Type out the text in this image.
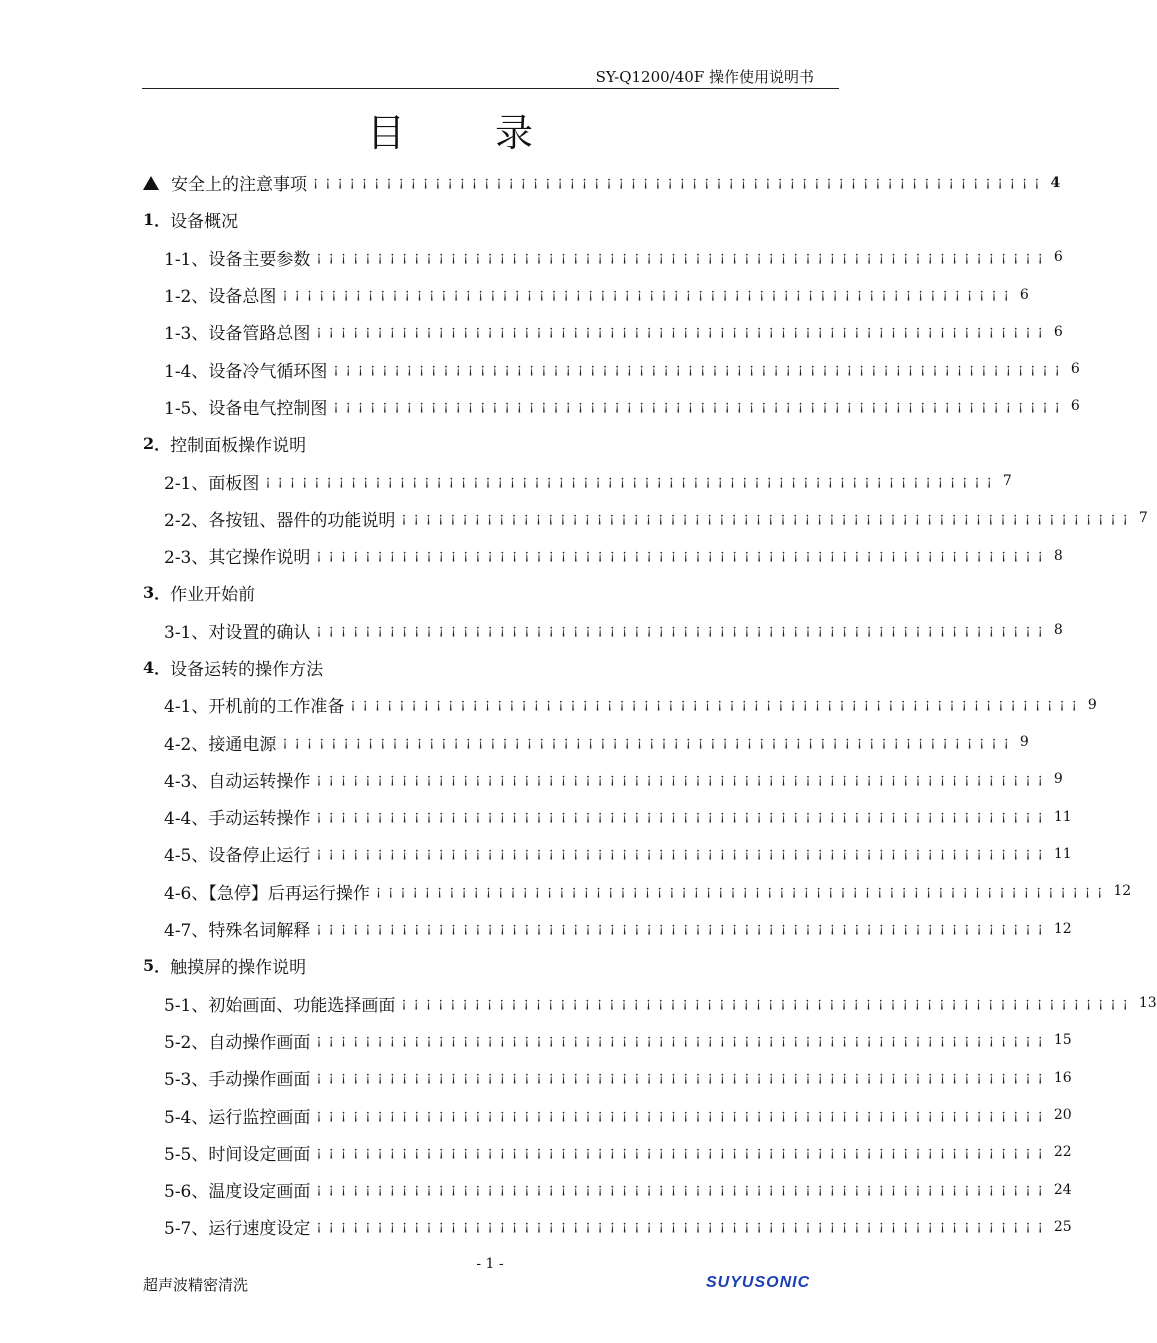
SY-Q1200/40F 操作使用说明书
目录
安全上的注意事项 ¡¡¡¡¡¡¡¡¡¡¡¡¡¡¡¡¡¡¡¡¡¡¡¡¡¡¡¡¡¡¡¡¡¡¡¡¡¡¡¡¡¡¡¡¡¡¡¡¡¡¡¡¡¡¡¡¡¡¡¡ 4
1 ． 设备概况
1-1、设备主要参数 ¡¡¡¡¡¡¡¡¡¡¡¡¡¡¡¡¡¡¡¡¡¡¡¡¡¡¡¡¡¡¡¡¡¡¡¡¡¡¡¡¡¡¡¡¡¡¡¡¡¡¡¡¡¡¡¡¡¡¡¡ 6
1-2、设备总图 ¡¡¡¡¡¡¡¡¡¡¡¡¡¡¡¡¡¡¡¡¡¡¡¡¡¡¡¡¡¡¡¡¡¡¡¡¡¡¡¡¡¡¡¡¡¡¡¡¡¡¡¡¡¡¡¡¡¡¡¡ 6
1-3、设备管路总图 ¡¡¡¡¡¡¡¡¡¡¡¡¡¡¡¡¡¡¡¡¡¡¡¡¡¡¡¡¡¡¡¡¡¡¡¡¡¡¡¡¡¡¡¡¡¡¡¡¡¡¡¡¡¡¡¡¡¡¡¡ 6
1-4、设备冷气循环图 ¡¡¡¡¡¡¡¡¡¡¡¡¡¡¡¡¡¡¡¡¡¡¡¡¡¡¡¡¡¡¡¡¡¡¡¡¡¡¡¡¡¡¡¡¡¡¡¡¡¡¡¡¡¡¡¡¡¡¡¡ 6
1-5、设备电气控制图 ¡¡¡¡¡¡¡¡¡¡¡¡¡¡¡¡¡¡¡¡¡¡¡¡¡¡¡¡¡¡¡¡¡¡¡¡¡¡¡¡¡¡¡¡¡¡¡¡¡¡¡¡¡¡¡¡¡¡¡¡ 6
2 ． 控制面板操作说明
2-1、面板图 ¡¡¡¡¡¡¡¡¡¡¡¡¡¡¡¡¡¡¡¡¡¡¡¡¡¡¡¡¡¡¡¡¡¡¡¡¡¡¡¡¡¡¡¡¡¡¡¡¡¡¡¡¡¡¡¡¡¡¡¡ 7
2-2、各按钮、器件的功能说明 ¡¡¡¡¡¡¡¡¡¡¡¡¡¡¡¡¡¡¡¡¡¡¡¡¡¡¡¡¡¡¡¡¡¡¡¡¡¡¡¡¡¡¡¡¡¡¡¡¡¡¡¡¡¡¡¡¡¡¡¡ 7
2-3、其它操作说明 ¡¡¡¡¡¡¡¡¡¡¡¡¡¡¡¡¡¡¡¡¡¡¡¡¡¡¡¡¡¡¡¡¡¡¡¡¡¡¡¡¡¡¡¡¡¡¡¡¡¡¡¡¡¡¡¡¡¡¡¡ 8
3 ． 作业开始前
3-1、对设置的确认 ¡¡¡¡¡¡¡¡¡¡¡¡¡¡¡¡¡¡¡¡¡¡¡¡¡¡¡¡¡¡¡¡¡¡¡¡¡¡¡¡¡¡¡¡¡¡¡¡¡¡¡¡¡¡¡¡¡¡¡¡ 8
4 ． 设备运转的操作方法
4-1、开机前的工作准备 ¡¡¡¡¡¡¡¡¡¡¡¡¡¡¡¡¡¡¡¡¡¡¡¡¡¡¡¡¡¡¡¡¡¡¡¡¡¡¡¡¡¡¡¡¡¡¡¡¡¡¡¡¡¡¡¡¡¡¡¡ 9
4-2、接通电源 ¡¡¡¡¡¡¡¡¡¡¡¡¡¡¡¡¡¡¡¡¡¡¡¡¡¡¡¡¡¡¡¡¡¡¡¡¡¡¡¡¡¡¡¡¡¡¡¡¡¡¡¡¡¡¡¡¡¡¡¡ 9
4-3、自动运转操作 ¡¡¡¡¡¡¡¡¡¡¡¡¡¡¡¡¡¡¡¡¡¡¡¡¡¡¡¡¡¡¡¡¡¡¡¡¡¡¡¡¡¡¡¡¡¡¡¡¡¡¡¡¡¡¡¡¡¡¡¡ 9
4-4、手动运转操作 ¡¡¡¡¡¡¡¡¡¡¡¡¡¡¡¡¡¡¡¡¡¡¡¡¡¡¡¡¡¡¡¡¡¡¡¡¡¡¡¡¡¡¡¡¡¡¡¡¡¡¡¡¡¡¡¡¡¡¡¡ 11
4-5、设备停止运行 ¡¡¡¡¡¡¡¡¡¡¡¡¡¡¡¡¡¡¡¡¡¡¡¡¡¡¡¡¡¡¡¡¡¡¡¡¡¡¡¡¡¡¡¡¡¡¡¡¡¡¡¡¡¡¡¡¡¡¡¡ 11
4-6、【急停】后再运行操作 ¡¡¡¡¡¡¡¡¡¡¡¡¡¡¡¡¡¡¡¡¡¡¡¡¡¡¡¡¡¡¡¡¡¡¡¡¡¡¡¡¡¡¡¡¡¡¡¡¡¡¡¡¡¡¡¡¡¡¡¡ 12
4-7、特殊名词解释 ¡¡¡¡¡¡¡¡¡¡¡¡¡¡¡¡¡¡¡¡¡¡¡¡¡¡¡¡¡¡¡¡¡¡¡¡¡¡¡¡¡¡¡¡¡¡¡¡¡¡¡¡¡¡¡¡¡¡¡¡ 12
5 ． 触摸屏的操作说明
5-1、初始画面、功能选择画面 ¡¡¡¡¡¡¡¡¡¡¡¡¡¡¡¡¡¡¡¡¡¡¡¡¡¡¡¡¡¡¡¡¡¡¡¡¡¡¡¡¡¡¡¡¡¡¡¡¡¡¡¡¡¡¡¡¡¡¡¡ 13
5-2、自动操作画面 ¡¡¡¡¡¡¡¡¡¡¡¡¡¡¡¡¡¡¡¡¡¡¡¡¡¡¡¡¡¡¡¡¡¡¡¡¡¡¡¡¡¡¡¡¡¡¡¡¡¡¡¡¡¡¡¡¡¡¡¡ 15
5-3、手动操作画面 ¡¡¡¡¡¡¡¡¡¡¡¡¡¡¡¡¡¡¡¡¡¡¡¡¡¡¡¡¡¡¡¡¡¡¡¡¡¡¡¡¡¡¡¡¡¡¡¡¡¡¡¡¡¡¡¡¡¡¡¡ 16
5-4、运行监控画面 ¡¡¡¡¡¡¡¡¡¡¡¡¡¡¡¡¡¡¡¡¡¡¡¡¡¡¡¡¡¡¡¡¡¡¡¡¡¡¡¡¡¡¡¡¡¡¡¡¡¡¡¡¡¡¡¡¡¡¡¡ 20
5-5、时间设定画面 ¡¡¡¡¡¡¡¡¡¡¡¡¡¡¡¡¡¡¡¡¡¡¡¡¡¡¡¡¡¡¡¡¡¡¡¡¡¡¡¡¡¡¡¡¡¡¡¡¡¡¡¡¡¡¡¡¡¡¡¡ 22
5-6、温度设定画面 ¡¡¡¡¡¡¡¡¡¡¡¡¡¡¡¡¡¡¡¡¡¡¡¡¡¡¡¡¡¡¡¡¡¡¡¡¡¡¡¡¡¡¡¡¡¡¡¡¡¡¡¡¡¡¡¡¡¡¡¡ 24
5-7、运行速度设定 ¡¡¡¡¡¡¡¡¡¡¡¡¡¡¡¡¡¡¡¡¡¡¡¡¡¡¡¡¡¡¡¡¡¡¡¡¡¡¡¡¡¡¡¡¡¡¡¡¡¡¡¡¡¡¡¡¡¡¡¡ 25
- 1 -
超声波精密清洗	SUYUSONIC
